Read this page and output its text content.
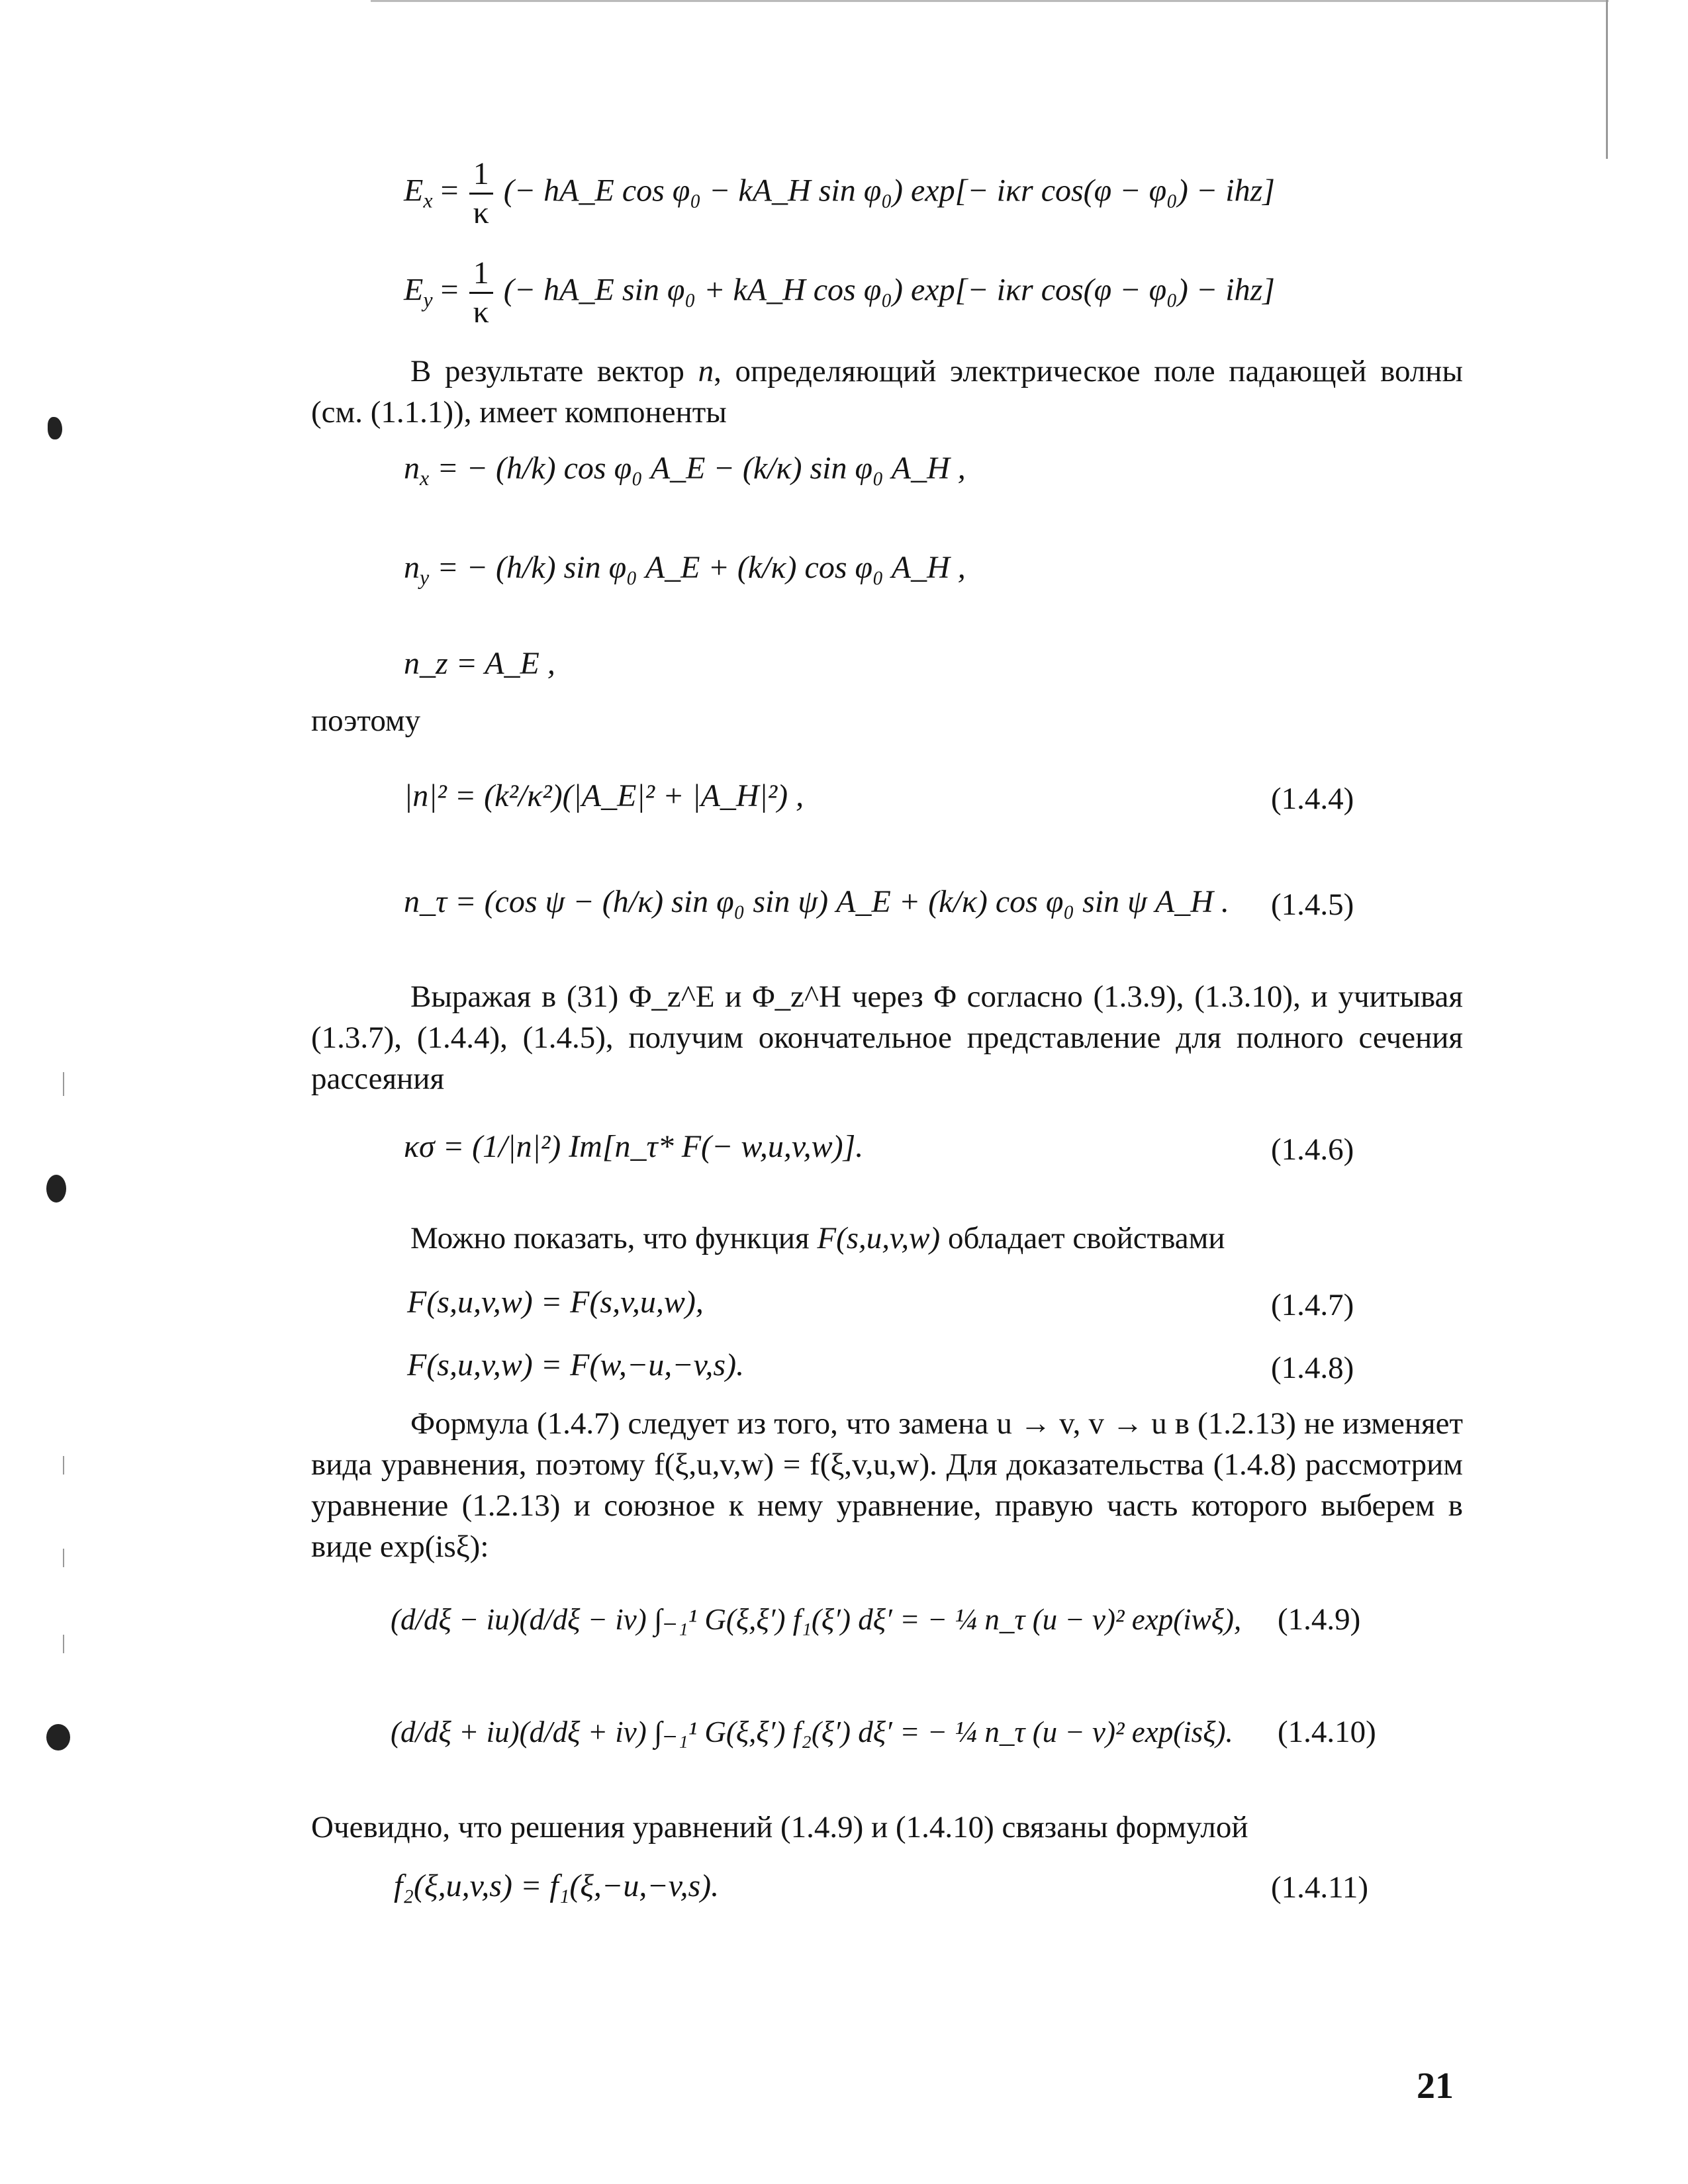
$E_x = \frac{1}{\kappa}$ (− hA_E cos φ₀ − kA_H sin φ₀) exp[− iκr cos(φ − φ₀) − ihz]
$E_y = \frac{1}{\kappa}$ (− hA_E sin φ₀ + kA_H cos φ₀) exp[− iκr cos(φ − φ₀) − ihz]
В результате вектор n, определяющий электрическое поле падающей волны (см. (1.1.1)), имеет компоненты
$n_x$ = − (h/k) cos φ₀ A_E − (k/κ) sin φ₀ A_H ,
$n_y$ = − (h/k) sin φ₀ A_E + (k/κ) cos φ₀ A_H ,
n_z = A_E ,
поэтому
|n|² = (k²/κ²)(|A_E|² + |A_H|²) ,	(1.4.4)
n_τ = (cos ψ − (h/κ) sin φ₀ sin ψ) A_E + (k/κ) cos φ₀ sin ψ A_H . (1.4.5)
Выражая в (31) Φ_z^E и Φ_z^H через Φ согласно (1.3.9), (1.3.10), и учитывая (1.3.7), (1.4.4), (1.4.5), получим окончательное представление для полного сечения рассеяния
κσ = (1/|n|²) Im[n_τ* F(− w,u,v,w)].	(1.4.6)
Можно показать, что функция F(s,u,v,w) обладает свойствами
F(s,u,v,w) = F(s,v,u,w),	(1.4.7)
F(s,u,v,w) = F(w,−u,−v,s).	(1.4.8)
Формула (1.4.7) следует из того, что замена u → v, v → u в (1.2.13) не изменяет вида уравнения, поэтому f(ξ,u,v,w) = f(ξ,v,u,w). Для доказательства (1.4.8) рассмотрим уравнение (1.2.13) и союзное к нему уравнение, правую часть которого выберем в виде exp(isξ):
(d/dξ − iu)(d/dξ − iv) ∫₋₁¹ G(ξ,ξ′) f₁(ξ′) dξ′ = − ¼ n_τ (u − v)² exp(iwξ), (1.4.9)
(d/dξ + iu)(d/dξ + iv) ∫₋₁¹ G(ξ,ξ′) f₂(ξ′) dξ′ = − ¼ n_τ (u − v)² exp(isξ). (1.4.10)
Очевидно, что решения уравнений (1.4.9) и (1.4.10) связаны формулой
f₂(ξ,u,v,s) = f₁(ξ,−u,−v,s).	(1.4.11)
21
